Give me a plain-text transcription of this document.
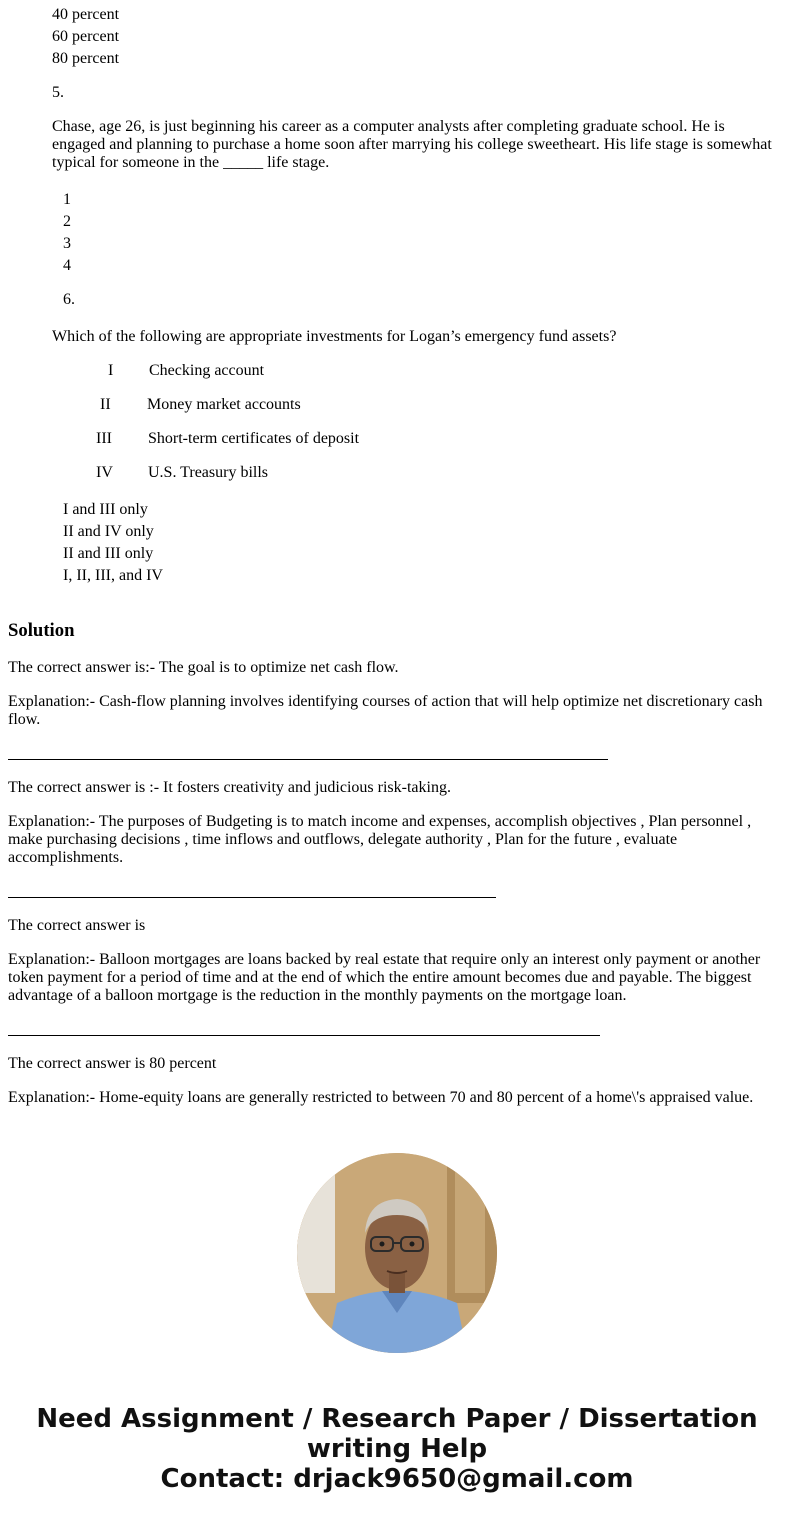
40 percent
60 percent
80 percent
5.
Chase, age 26, is just beginning his career as a computer analysts after completing graduate school. He is engaged and planning to purchase a home soon after marrying his college sweetheart. His life stage is somewhat typical for someone in the _____ life stage.
1
2
3
4
6.
Which of the following are appropriate investments for Logan’s emergency fund assets?
I Checking account
II Money market accounts
III Short-term certificates of deposit
IV U.S. Treasury bills
I and III only
II and IV only
II and III only
I, II, III, and IV
Solution
The correct answer is:- The goal is to optimize net cash flow.
Explanation:- Cash-flow planning involves identifying courses of action that will help optimize net discretionary cash flow.
The correct answer is :- It fosters creativity and judicious risk-taking.
Explanation:- The purposes of Budgeting is to match income and expenses, accomplish objectives , Plan personnel , make purchasing decisions , time inflows and outflows, delegate authority , Plan for the future , evaluate accomplishments.
The correct answer is
Explanation:- Balloon mortgages are loans backed by real estate that require only an interest only payment or another token payment for a period of time and at the end of which the entire amount becomes due and payable. The biggest advantage of a balloon mortgage is the reduction in the monthly payments on the mortgage loan.
The correct answer is 80 percent
Explanation:- Home-equity loans are generally restricted to between 70 and 80 percent of a home\'s appraised value.
Need Assignment / Research Paper / Dissertation
writing Help
Contact: drjack9650@gmail.com
